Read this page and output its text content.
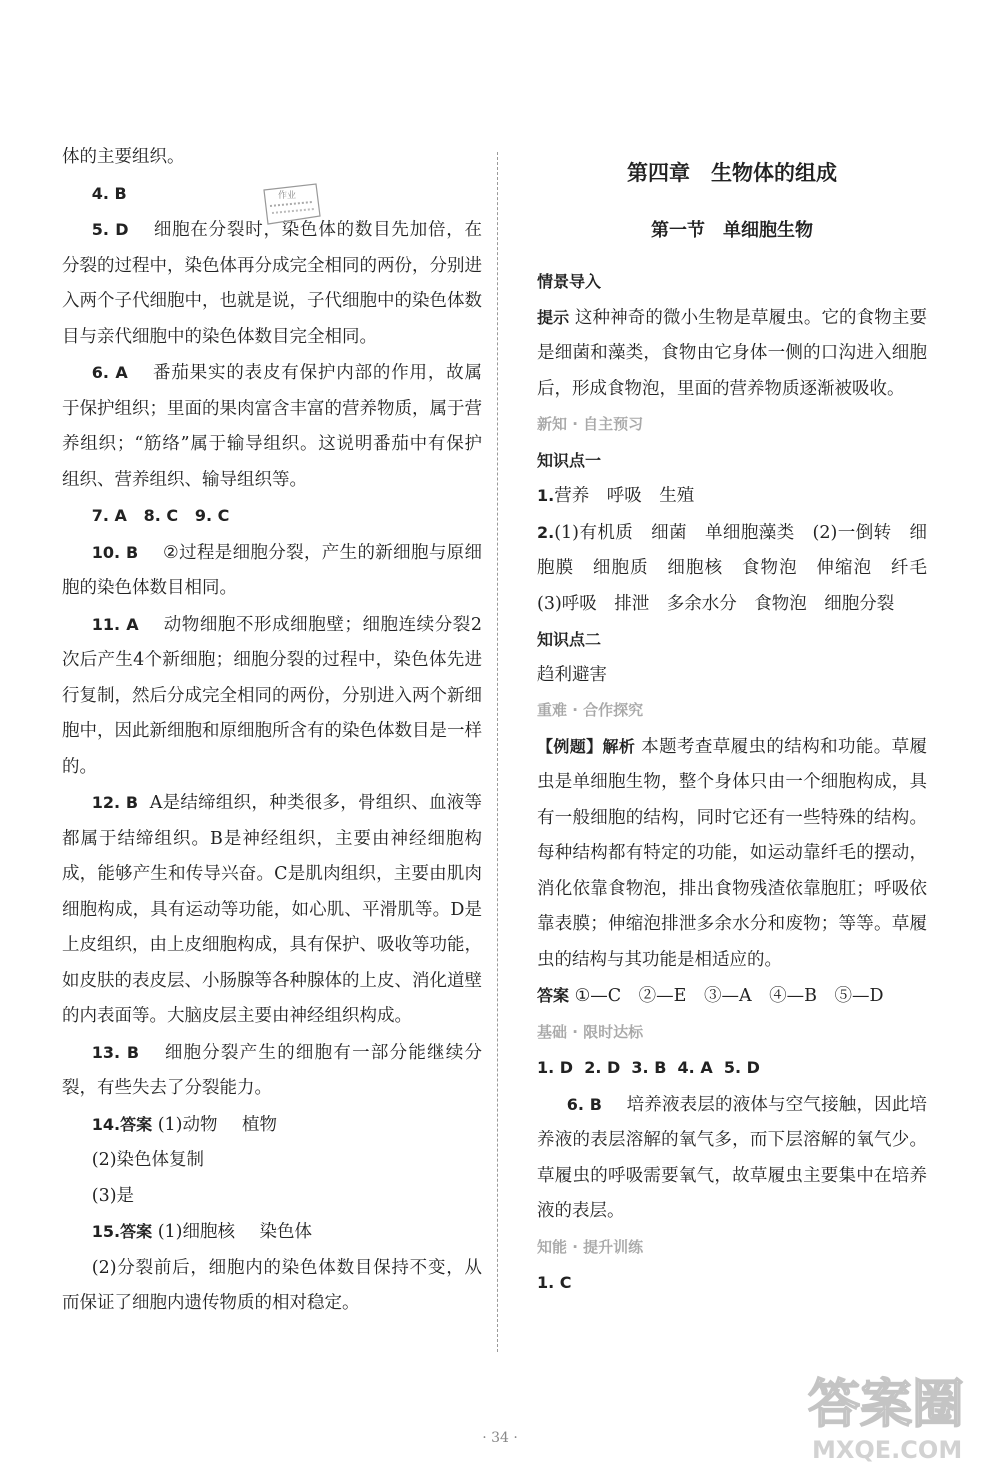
体的主要组织。

4. B

5. D 细胞在分裂时，染色体的数目先加倍，在分裂的过程中，染色体再分成完全相同的两份，分别进入两个子代细胞中，也就是说，子代细胞中的染色体数目与亲代细胞中的染色体数目完全相同。

6. A 番茄果实的表皮有保护内部的作用，故属于保护组织；里面的果肉富含丰富的营养物质，属于营养组织；“筋络”属于输导组织。这说明番茄中有保护组织、营养组织、输导组织等。

7. A 8. C 9. C

10. B ②过程是细胞分裂，产生的新细胞与原细胞的染色体数目相同。

11. A 动物细胞不形成细胞壁；细胞连续分裂2次后产生4个新细胞；细胞分裂的过程中，染色体先进行复制，然后分成完全相同的两份，分别进入两个新细胞中，因此新细胞和原细胞所含有的染色体数目是一样的。

12. B A是结缔组织，种类很多，骨组织、血液等都属于结缔组织。B是神经组织，主要由神经细胞构成，能够产生和传导兴奋。C是肌肉组织，主要由肌肉细胞构成，具有运动等功能，如心肌、平滑肌等。D是上皮组织，由上皮细胞构成，具有保护、吸收等功能，如皮肤的表皮层、小肠腺等各种腺体的上皮、消化道壁的内表面等。大脑皮层主要由神经组织构成。

13. B 细胞分裂产生的细胞有一部分能继续分裂，有些失去了分裂能力。

14.答案 (1)动物 植物

(2)染色体复制

(3)是

15.答案 (1)细胞核 染色体

(2)分裂前后，细胞内的染色体数目保持不变，从而保证了细胞内遗传物质的相对稳定。

第四章　生物体的组成

第一节　单细胞生物

情景导入

提示 这种神奇的微小生物是草履虫。它的食物主要是细菌和藻类，食物由它身体一侧的口沟进入细胞后，形成食物泡，里面的营养物质逐渐被吸收。

新知 · 自主预习

知识点一

1.营养　呼吸　生殖

2.(1)有机质　细菌　单细胞藻类　(2)一倒转　细胞膜　细胞质　细胞核　食物泡　伸缩泡　纤毛　(3)呼吸　排泄　多余水分　食物泡　细胞分裂

知识点二

趋利避害

重难 · 合作探究

【例题】解析 本题考查草履虫的结构和功能。草履虫是单细胞生物，整个身体只由一个细胞构成，具有一般细胞的结构，同时它还有一些特殊的结构。每种结构都有特定的功能，如运动靠纤毛的摆动，消化依靠食物泡，排出食物残渣依靠胞肛；呼吸依靠表膜；伸缩泡排泄多余水分和废物；等等。草履虫的结构与其功能是相适应的。

答案 ①—C　②—E　③—A　④—B　⑤—D

基础 · 限时达标

1. D 2. D 3. B 4. A 5. D

6. B 培养液表层的液体与空气接触，因此培养液的表层溶解的氧气多，而下层溶解的氧气少。草履虫的呼吸需要氧气，故草履虫主要集中在培养液的表层。

知能 · 提升训练

1. C

作业
· 34 ·
答案圈
MXQE.COM
